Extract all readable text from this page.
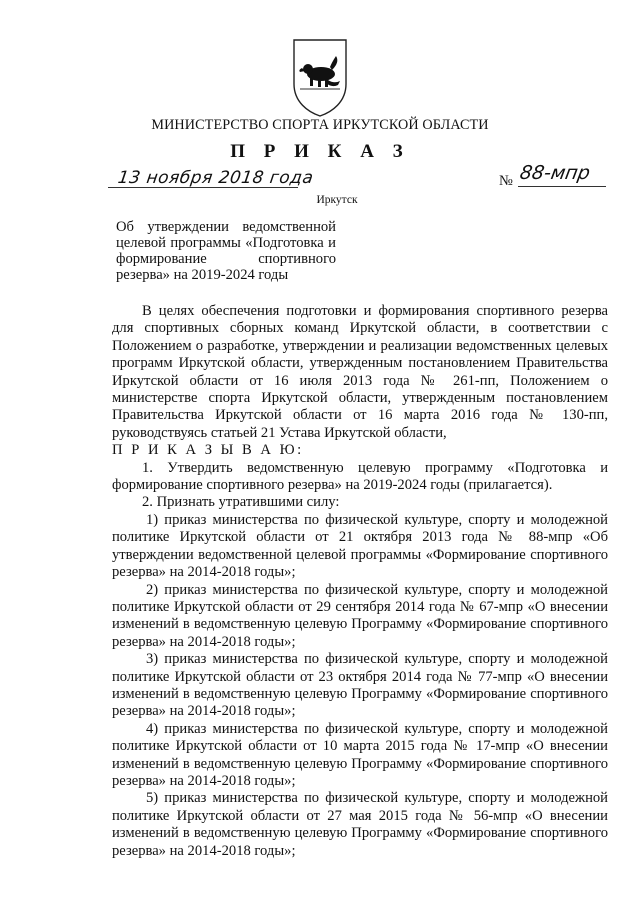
МИНИСТЕРСТВО СПОРТА ИРКУТСКОЙ ОБЛАСТИ
П Р И К А З
13 ноября 2018 года	№ 88-мпр
Иркутск
Об утверждении ведомственной целевой программы «Подготовка и формирование спортивного резерва» на 2019-2024 годы

В целях обеспечения подготовки и формирования спортивного резерва для спортивных сборных команд Иркутской области, в соответствии с Положением о разработке, утверждении и реализации ведомственных целевых программ Иркутской области, утвержденным постановлением Правительства Иркутской области от 16 июля 2013 года № 261-пп, Положением о министерстве спорта Иркутской области, утвержденным постановлением Правительства Иркутской области от 16 марта 2016 года № 130-пп, руководствуясь статьей 21 Устава Иркутской области,

П Р И К А З Ы В А Ю:

1. Утвердить ведомственную целевую программу «Подготовка и формирование спортивного резерва» на 2019-2024 годы (прилагается).

2. Признать утратившими силу:

1) приказ министерства по физической культуре, спорту и молодежной политике Иркутской области от 21 октября 2013 года № 88-мпр «Об утверждении ведомственной целевой программы «Формирование спортивного резерва» на 2014-2018 годы»;

2) приказ министерства по физической культуре, спорту и молодежной политике Иркутской области от 29 сентября 2014 года № 67-мпр «О внесении изменений в ведомственную целевую Программу «Формирование спортивного резерва» на 2014-2018 годы»;

3) приказ министерства по физической культуре, спорту и молодежной политике Иркутской области от 23 октября 2014 года № 77-мпр «О внесении изменений в ведомственную целевую Программу «Формирование спортивного резерва» на 2014-2018 годы»;

4) приказ министерства по физической культуре, спорту и молодежной политике Иркутской области от 10 марта 2015 года № 17-мпр «О внесении изменений в ведомственную целевую Программу «Формирование спортивного резерва» на 2014-2018 годы»;

5) приказ министерства по физической культуре, спорту и молодежной политике Иркутской области от 27 мая 2015 года № 56-мпр «О внесении изменений в ведомственную целевую Программу «Формирование спортивного резерва» на 2014-2018 годы»;
